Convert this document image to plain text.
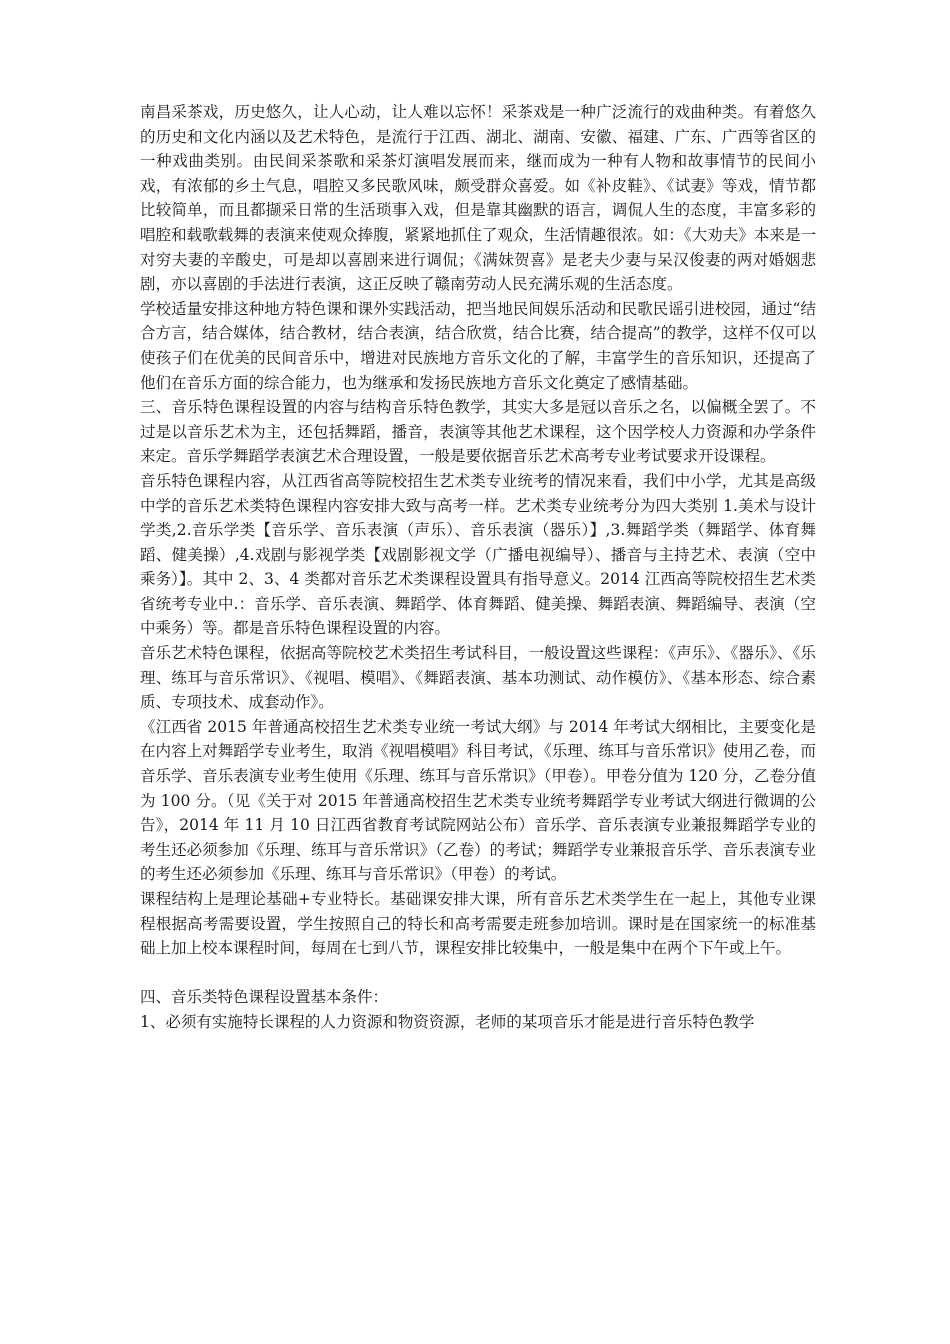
南昌采茶戏，历史悠久，让人心动，让人难以忘怀！采茶戏是一种广泛流行的戏曲种类。有着悠久的历史和文化内涵以及艺术特色，是流行于江西、湖北、湖南、安徽、福建、广东、广西等省区的一种戏曲类别。由民间采茶歌和采茶灯演唱发展而来，继而成为一种有人物和故事情节的民间小戏，有浓郁的乡土气息，唱腔又多民歌风味，颇受群众喜爱。如《补皮鞋》、《试妻》等戏，情节都比较简单，而且都撷采日常的生活琐事入戏，但是靠其幽默的语言，调侃人生的态度，丰富多彩的唱腔和载歌载舞的表演来使观众捧腹，紧紧地抓住了观众，生活情趣很浓。如：《大劝夫》本来是一对穷夫妻的辛酸史，可是却以喜剧来进行调侃；《满妹贺喜》是老夫少妻与呆汉俊妻的两对婚姻悲剧，亦以喜剧的手法进行表演，这正反映了赣南劳动人民充满乐观的生活态度。

学校适量安排这种地方特色课和课外实践活动，把当地民间娱乐活动和民歌民谣引进校园，通过“结合方言，结合媒体，结合教材，结合表演，结合欣赏，结合比赛，结合提高”的教学，这样不仅可以使孩子们在优美的民间音乐中，增进对民族地方音乐文化的了解，丰富学生的音乐知识，还提高了他们在音乐方面的综合能力，也为继承和发扬民族地方音乐文化奠定了感情基础。

三、音乐特色课程设置的内容与结构音乐特色教学，其实大多是冠以音乐之名，以偏概全罢了。不过是以音乐艺术为主，还包括舞蹈，播音，表演等其他艺术课程，这个因学校人力资源和办学条件来定。音乐学舞蹈学表演艺术合理设置，一般是要依据音乐艺术高考专业考试要求开设课程。

音乐特色课程内容，从江西省高等院校招生艺术类专业统考的情况来看，我们中小学，尤其是高级中学的音乐艺术类特色课程内容安排大致与高考一样。艺术类专业统考分为四大类别 1.美术与设计学类,2.音乐学类【音乐学、音乐表演（声乐）、音乐表演（器乐）】,3.舞蹈学类（舞蹈学、体育舞蹈、健美操）,4.戏剧与影视学类【戏剧影视文学（广播电视编导）、播音与主持艺术、表演（空中乘务）】。其中 2、3、4 类都对音乐艺术类课程设置具有指导意义。2014 江西高等院校招生艺术类省统考专业中.：音乐学、音乐表演、舞蹈学、体育舞蹈、健美操、舞蹈表演、舞蹈编导、表演（空中乘务）等。都是音乐特色课程设置的内容。

音乐艺术特色课程，依据高等院校艺术类招生考试科目，一般设置这些课程：《声乐》、《器乐》、《乐理、练耳与音乐常识》、《视唱、模唱》、《舞蹈表演、基本功测试、动作模仿》、《基本形态、综合素质、专项技术、成套动作》。

《江西省 2015 年普通高校招生艺术类专业统一考试大纲》与 2014 年考试大纲相比，主要变化是在内容上对舞蹈学专业考生，取消《视唱模唱》科目考试，《乐理、练耳与音乐常识》使用乙卷，而音乐学、音乐表演专业考生使用《乐理、练耳与音乐常识》（甲卷）。甲卷分值为 120 分，乙卷分值为 100 分。（见《关于对 2015 年普通高校招生艺术类专业统考舞蹈学专业考试大纲进行微调的公告》，2014 年 11 月 10 日江西省教育考试院网站公布）音乐学、音乐表演专业兼报舞蹈学专业的考生还必须参加《乐理、练耳与音乐常识》（乙卷）的考试；舞蹈学专业兼报音乐学、音乐表演专业的考生还必须参加《乐理、练耳与音乐常识》（甲卷）的考试。

课程结构上是理论基础+专业特长。基础课安排大课，所有音乐艺术类学生在一起上，其他专业课程根据高考需要设置，学生按照自己的特长和高考需要走班参加培训。课时是在国家统一的标准基础上加上校本课程时间，每周在七到八节，课程安排比较集中，一般是集中在两个下午或上午。

四、音乐类特色课程设置基本条件：

1、必须有实施特长课程的人力资源和物资资源，老师的某项音乐才能是进行音乐特色教学
